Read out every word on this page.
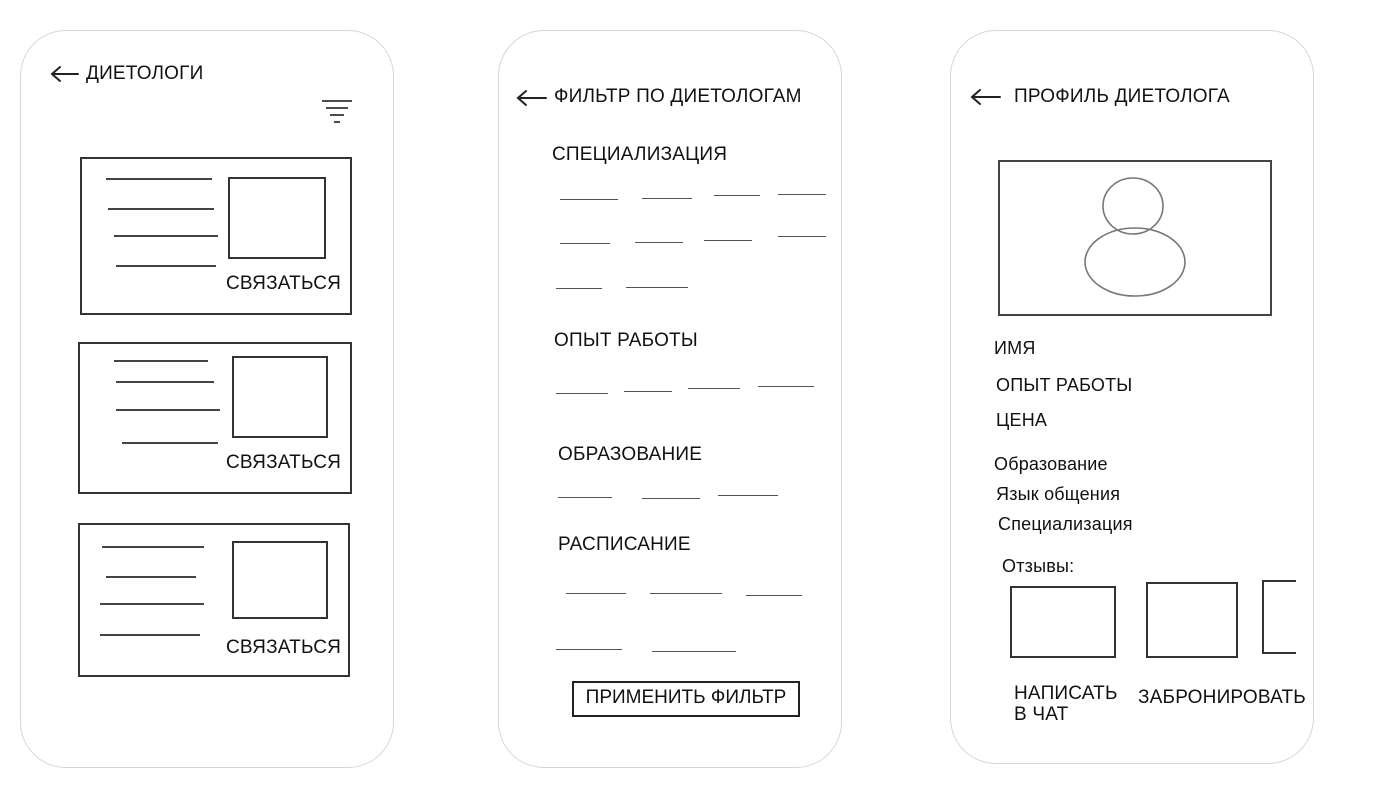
ДИЕТОЛОГИ
СВЯЗАТЬСЯ
СВЯЗАТЬСЯ
СВЯЗАТЬСЯ
ФИЛЬТР ПО ДИЕТОЛОГАМ
СПЕЦИАЛИЗАЦИЯ
ОПЫТ РАБОТЫ
ОБРАЗОВАНИЕ
РАСПИСАНИЕ
ПРИМЕНИТЬ ФИЛЬТР
ПРОФИЛЬ ДИЕТОЛОГА
ИМЯ
ОПЫТ РАБОТЫ
ЦЕНА
Образование
Язык общения
Специализация
Отзывы:
НАПИСАТЬ
В ЧАТ
ЗАБРОНИРОВАТЬ
